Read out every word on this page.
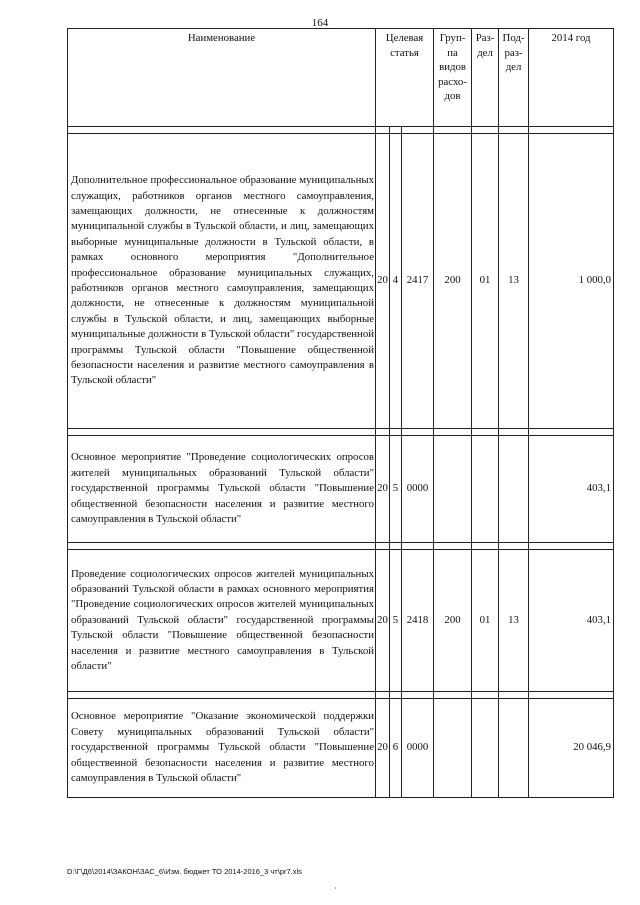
164
Наименование	Целевая статья			Груп-па видов расхо-дов	Раз-дел	Под-раз-дел	2014 год

Дополнительное профессиональное образование муниципальных служащих, работников органов местного самоуправления, замещающих должности, не отнесенные к должностям муниципальной службы в Тульской области, и лиц, замещающих выборные муниципальные должности в Тульской области, в рамках основного мероприятия "Дополнительное профессиональное образование муниципальных служащих, работников органов местного самоуправления, замещающих должности, не отнесенные к должностям муниципальной службы в Тульской области, и лиц, замещающих выборные муниципальные должности в Тульской области" государственной программы Тульской области "Повышение общественной безопасности населения и развитие местного самоуправления в Тульской области"	20	4	2417	200	01	13	1 000,0

Основное мероприятие "Проведение социологических опросов жителей муниципальных образований Тульской области" государственной программы Тульской области "Повышение общественной безопасности населения и развитие местного самоуправления в Тульской области"	20	5	0000				403,1

Проведение социологических опросов жителей муниципальных образований Тульской области в рамках основного мероприятия "Проведение социологических опросов жителей муниципальных образований Тульской области" государственной программы Тульской области "Повышение общественной безопасности населения и развитие местного самоуправления в Тульской области"	20	5	2418	200	01	13	403,1

Основное мероприятие "Оказание экономической поддержки Совету муниципальных образований Тульской области" государственной программы Тульской области "Повышение общественной безопасности населения и развитие местного самоуправления в Тульской области"	20	6	0000				20 046,9
D:\Г\Д6\2014\ЗАКОН\ЗАС_6\Изм. бюджет ТО 2014-2016_3 чт\pr7.xls
·
